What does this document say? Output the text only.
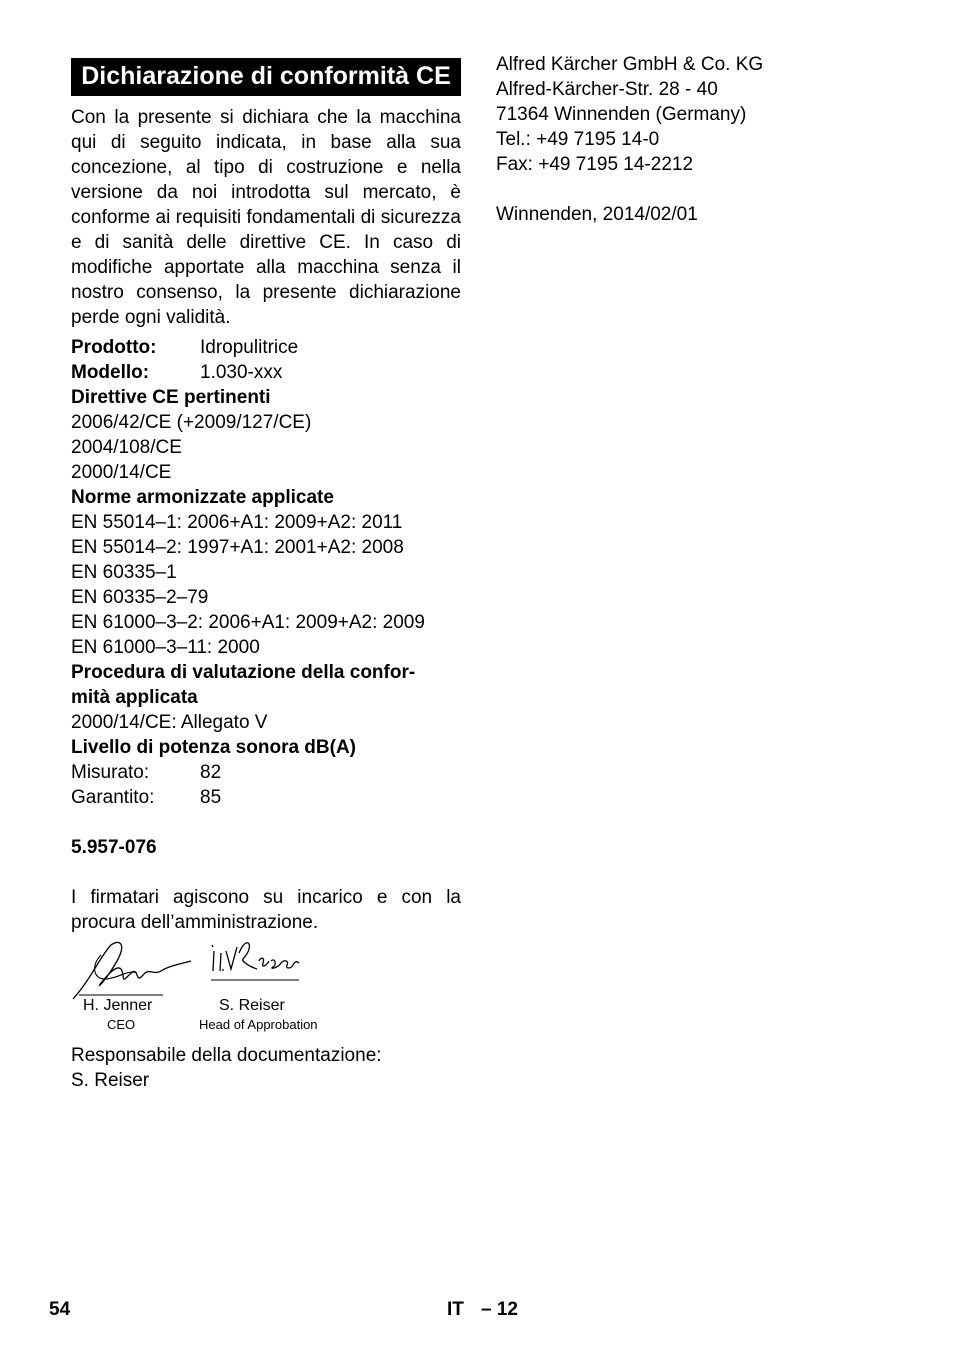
Dichiarazione di conformità CE
Con la presente si dichiara che la macchina qui di seguito indicata, in base alla sua concezione, al tipo di costruzione e nella versione da noi introdotta sul mercato, è conforme ai requisiti fondamentali di sicurezza e di sanità delle direttive CE. In caso di modifiche apportate alla macchina senza il nostro consenso, la presente dichiarazione perde ogni validità.
Prodotto:	Idropulitrice
Modello:	1.030-xxx
Direttive CE pertinenti
2006/42/CE (+2009/127/CE)
2004/108/CE
2000/14/CE
Norme armonizzate applicate
EN 55014–1: 2006+A1: 2009+A2: 2011
EN 55014–2: 1997+A1: 2001+A2: 2008
EN 60335–1
EN 60335–2–79
EN 61000–3–2: 2006+A1: 2009+A2: 2009
EN 61000–3–11: 2000
Procedura di valutazione della confor-
mità applicata
2000/14/CE: Allegato V
Livello di potenza sonora dB(A)
Misurato:	82
Garantito:	85
5.957-076
I firmatari agiscono su incarico e con la procura dell’amministrazione.
H. Jenner
CEO
S. Reiser
Head of Approbation
Responsabile della documentazione:
S. Reiser
Alfred Kärcher GmbH & Co. KG
Alfred-Kärcher-Str. 28 - 40
71364 Winnenden (Germany)
Tel.: +49 7195 14-0
Fax: +49 7195 14-2212
Winnenden, 2014/02/01
54	IT – 12
